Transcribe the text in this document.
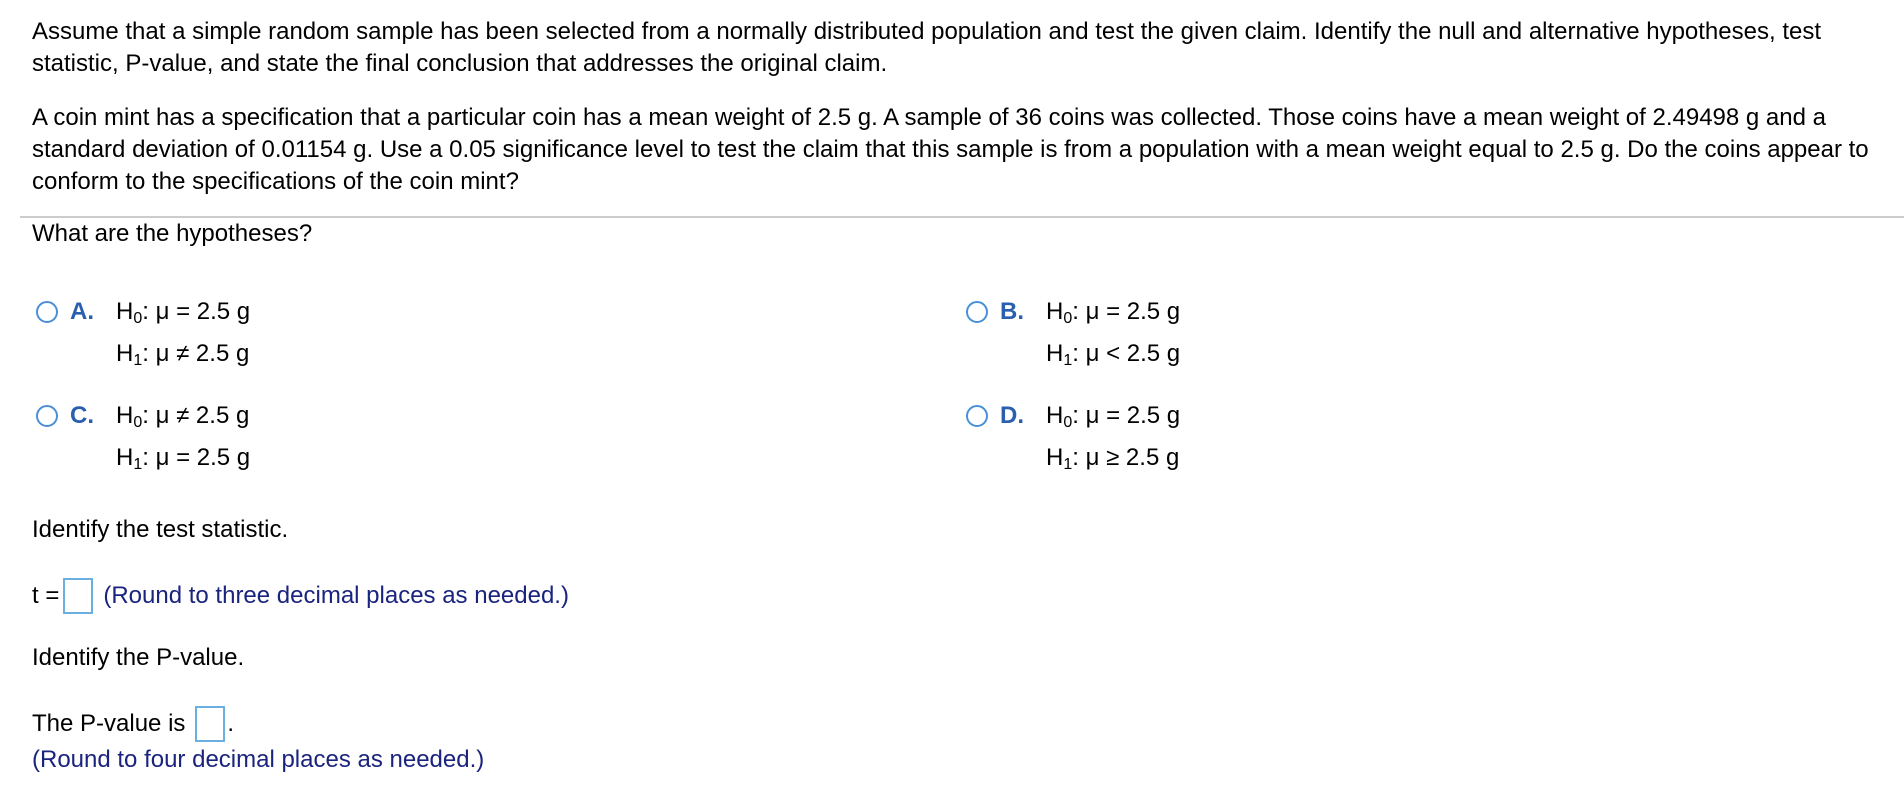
Assume that a simple random sample has been selected from a normally distributed population and test the given claim. Identify the null and alternative hypotheses, test statistic, P-value, and state the final conclusion that addresses the original claim.

A coin mint has a specification that a particular coin has a mean weight of 2.5 g. A sample of 36 coins was collected. Those coins have a mean weight of 2.49498 g and a standard deviation of 0.01154 g. Use a 0.05 significance level to test the claim that this sample is from a population with a mean weight equal to 2.5 g. Do the coins appear to conform to the specifications of the coin mint?

What are the hypotheses?
A. $H_0$: μ = 2.5 g
$H_1$: μ ≠ 2.5 g
B. $H_0$: μ = 2.5 g
$H_1$: μ < 2.5 g
C. $H_0$: μ ≠ 2.5 g
$H_1$: μ = 2.5 g
D. $H_0$: μ = 2.5 g
$H_1$: μ ≥ 2.5 g
Identify the test statistic.
t = (Round to three decimal places as needed.)
Identify the P-value.
The P-value is .
(Round to four decimal places as needed.)
